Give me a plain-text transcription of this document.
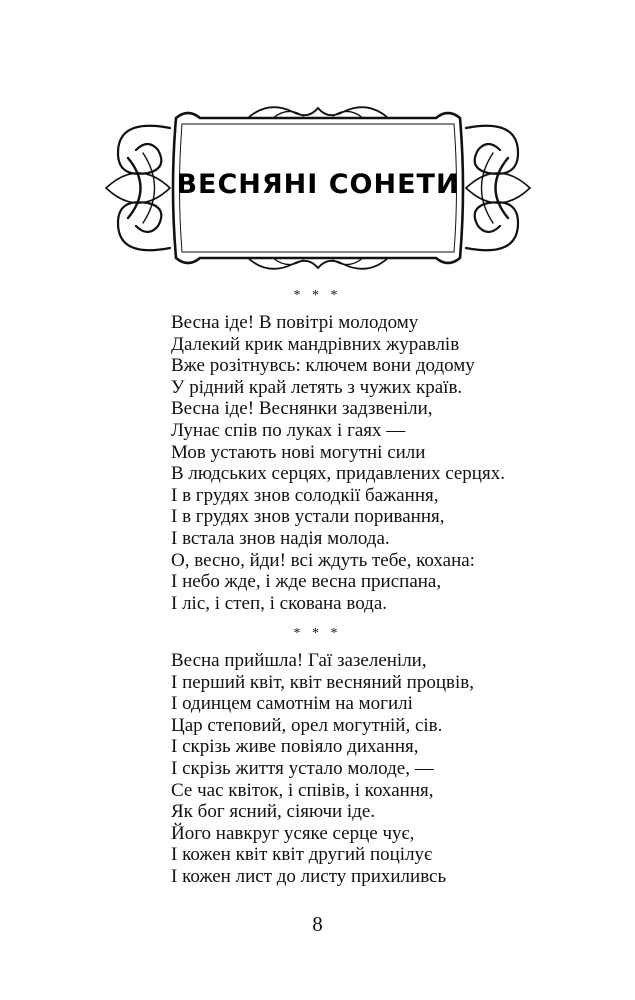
ВЕСНЯНІ СОНЕТИ
* * *
Весна іде! В повітрі молодому
Далекий крик мандрівних журавлів
Вже розітнувсь: ключем вони додому
У рідний край летять з чужих країв.
Весна іде! Веснянки задзвеніли,
Лунає спів по луках і гаях —
Мов устають нові могутні сили
В людських серцях, придавлених серцях.
І в грудях знов солодкії бажання,
І в грудях знов устали поривання,
І встала знов надія молода.
О, весно, йди! всі ждуть тебе, кохана:
І небо жде, і жде весна приспана,
І ліс, і степ, і скована вода.
* * *
Весна прийшла! Гаї зазеленіли,
І перший квіт, квіт весняний процвів,
І одинцем самотнім на могилі
Цар степовий, орел могутній, сів.
І скрізь живе повіяло дихання,
І скрізь життя устало молоде, —
Се час квіток, і співів, і кохання,
Як бог ясний, сіяючи іде.
Його навкруг усяке серце чує,
І кожен квіт квіт другий поцілує
І кожен лист до листу прихиливсь
8
